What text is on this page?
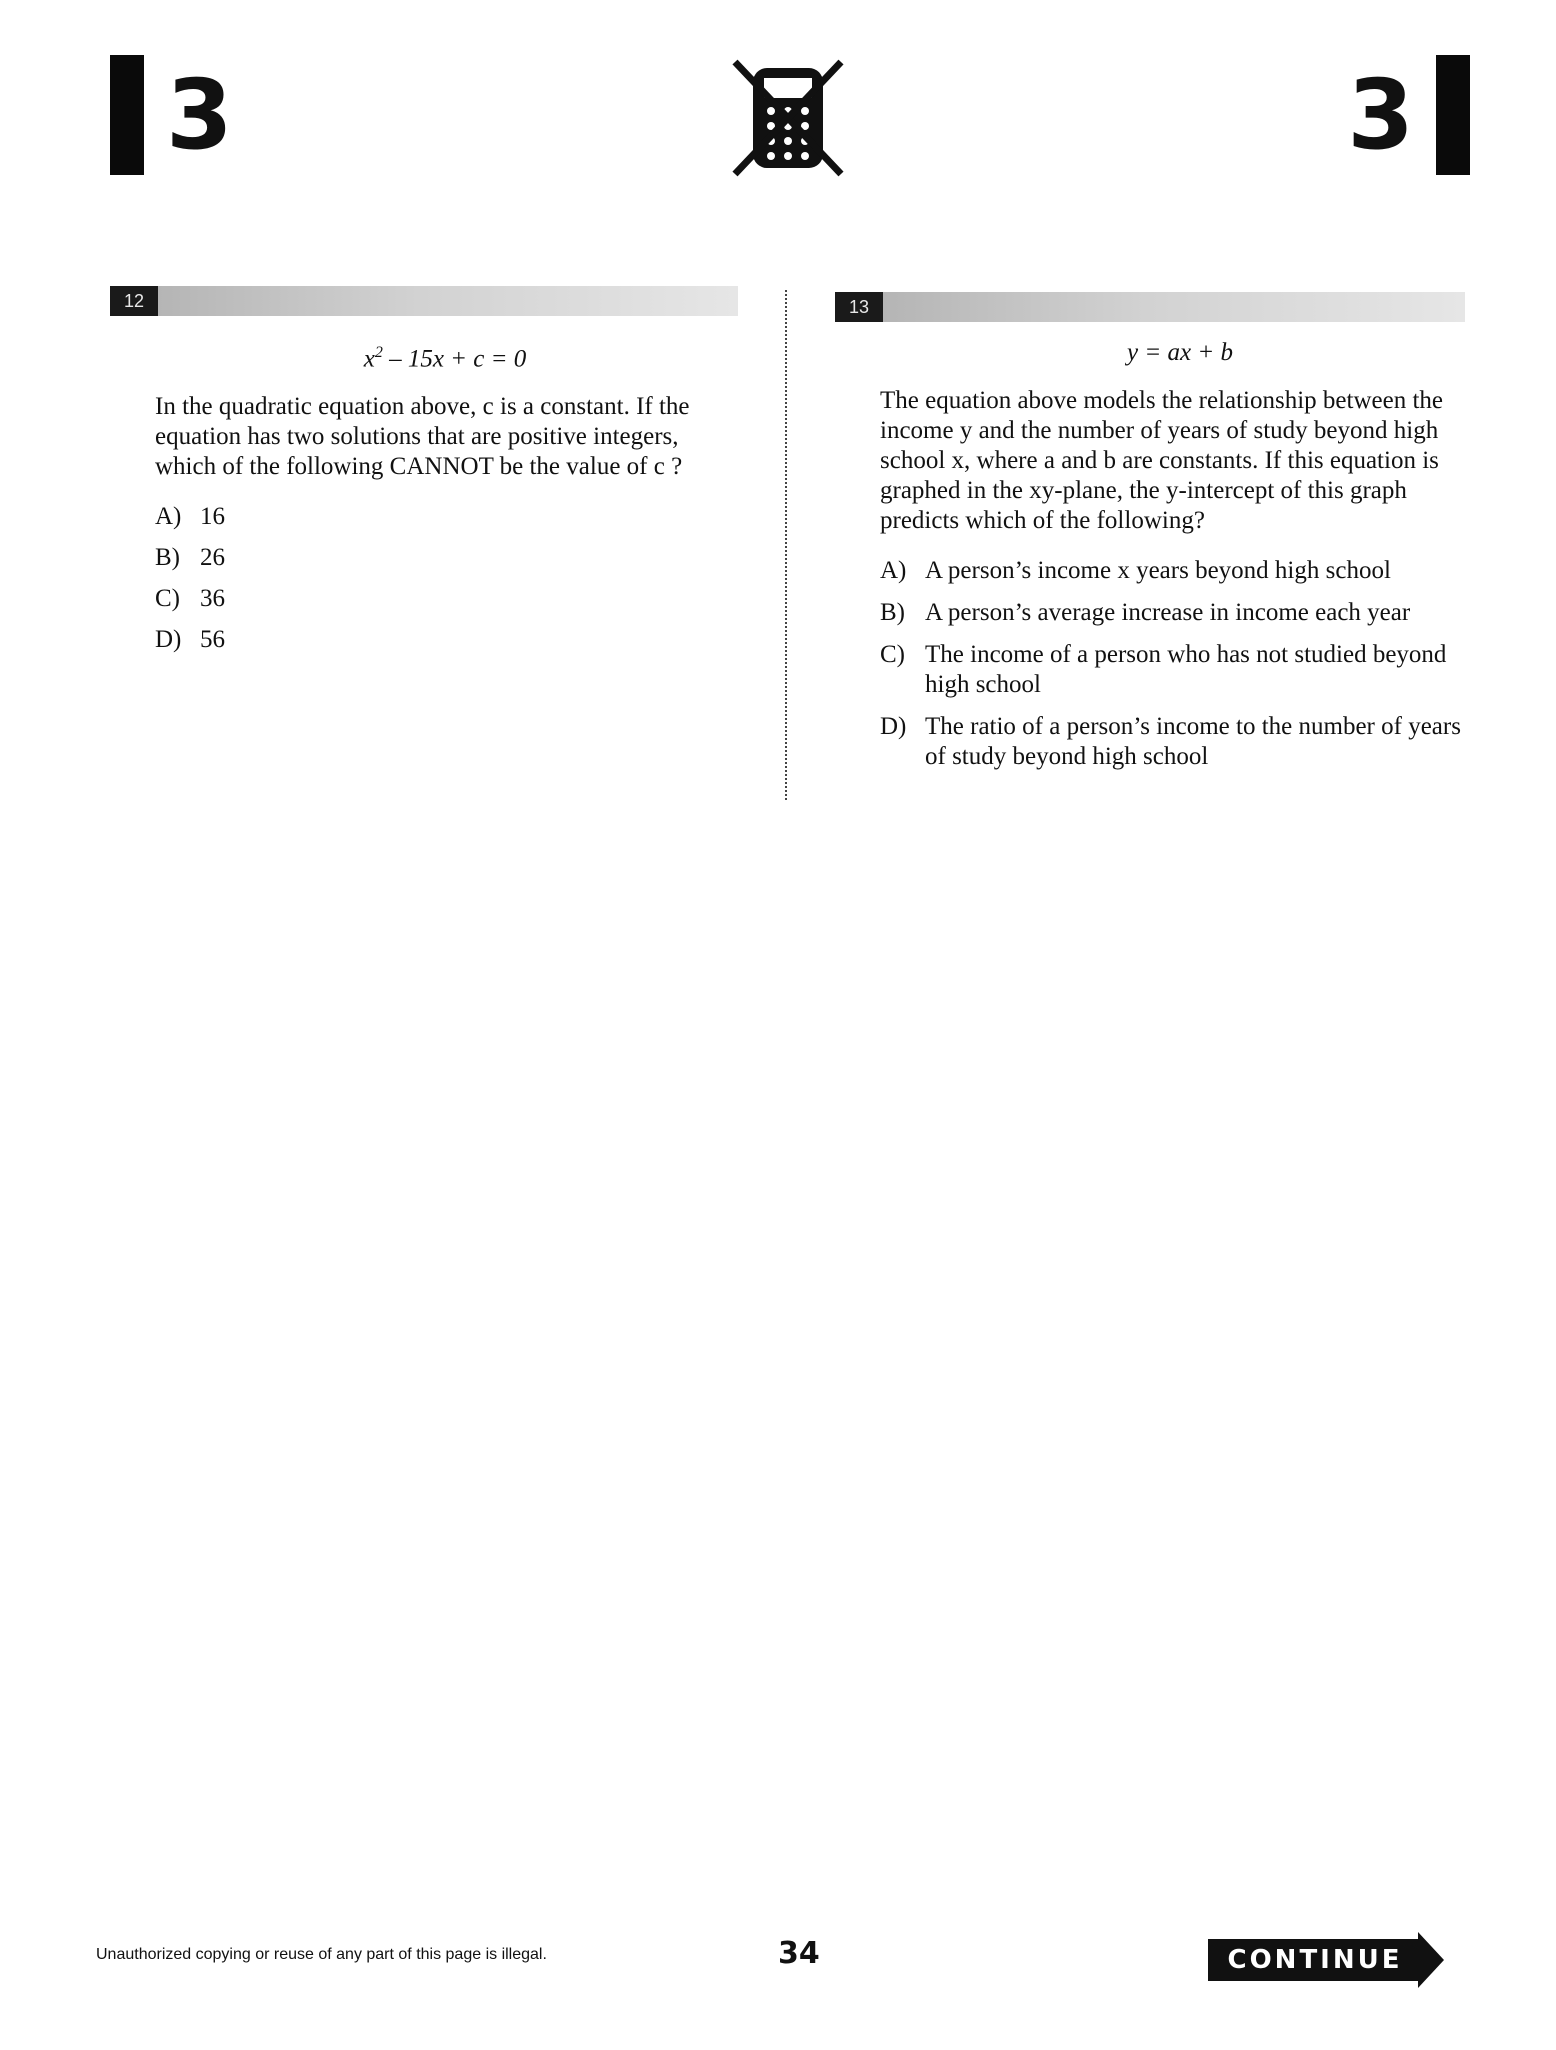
3	3
12	13
$x^2 - 15x + c = 0$

In the quadratic equation above, c is a constant. If the equation has two solutions that are positive integers, which of the following CANNOT be the value of c ?

A) 16
B) 26
C) 36
D) 56
y = ax + b

The equation above models the relationship between the income y and the number of years of study beyond high school x, where a and b are constants. If this equation is graphed in the xy-plane, the y-intercept of this graph predicts which of the following?

A) A person’s income x years beyond high school
B) A person’s average increase in income each year
C) The income of a person who has not studied beyond high school
D) The ratio of a person’s income to the number of years of study beyond high school
Unauthorized copying or reuse of any part of this page is illegal.	34	CONTINUE
